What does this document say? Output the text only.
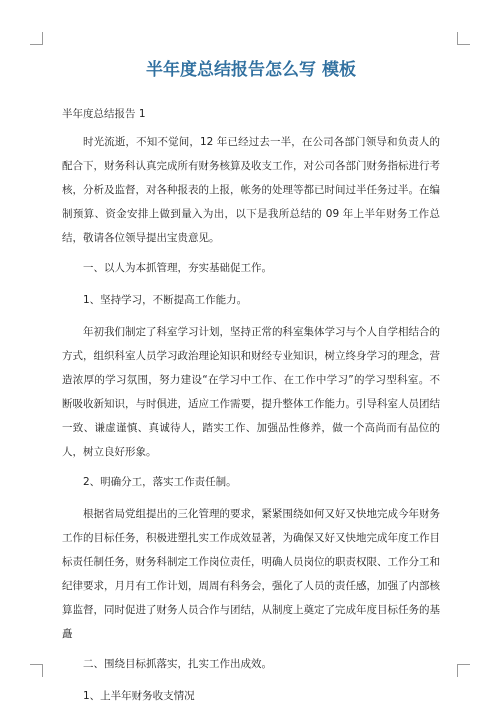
半年度总结报告怎么写 模板
半年度总结报告 1
时光流逝，不知不觉间，12 年已经过去一半，在公司各部门领导和负责人的配合下，财务科认真完成所有财务核算及收支工作，对公司各部门财务指标进行考核，分析及监督，对各种报表的上报，帐务的处理等都已时间过半任务过半。在编制预算、资金安排上做到量入为出，以下是我所总结的 09 年上半年财务工作总结，敬请各位领导提出宝贵意见。
一、以人为本抓管理，夯实基础促工作。
1、坚持学习，不断提高工作能力。
年初我们制定了科室学习计划，坚持正常的科室集体学习与个人自学相结合的方式，组织科室人员学习政治理论知识和财经专业知识，树立终身学习的理念，营造浓厚的学习氛围，努力建设“在学习中工作、在工作中学习”的学习型科室。不断吸收新知识，与时俱进，适应工作需要，提升整体工作能力。引导科室人员团结一致、谦虚谨慎、真诚待人，踏实工作、加强品性修养，做一个高尚而有品位的人，树立良好形象。
2、明确分工，落实工作责任制。
根据省局党组提出的三化管理的要求，紧紧围绕如何又好又快地完成今年财务工作的目标任务，积极进塑扎实工作成效显著，为确保又好又快地完成年度工作目标责任制任务，财务科制定工作岗位责任，明确人员岗位的职责权限、工作分工和纪律要求，月月有工作计划，周周有科务会，强化了人员的责任感，加强了内部核算监督，同时促进了财务人员合作与团结，从制度上奠定了完成年度目标任务的基矗
二、围绕目标抓落实，扎实工作出成效。
1、上半年财务收支情况
